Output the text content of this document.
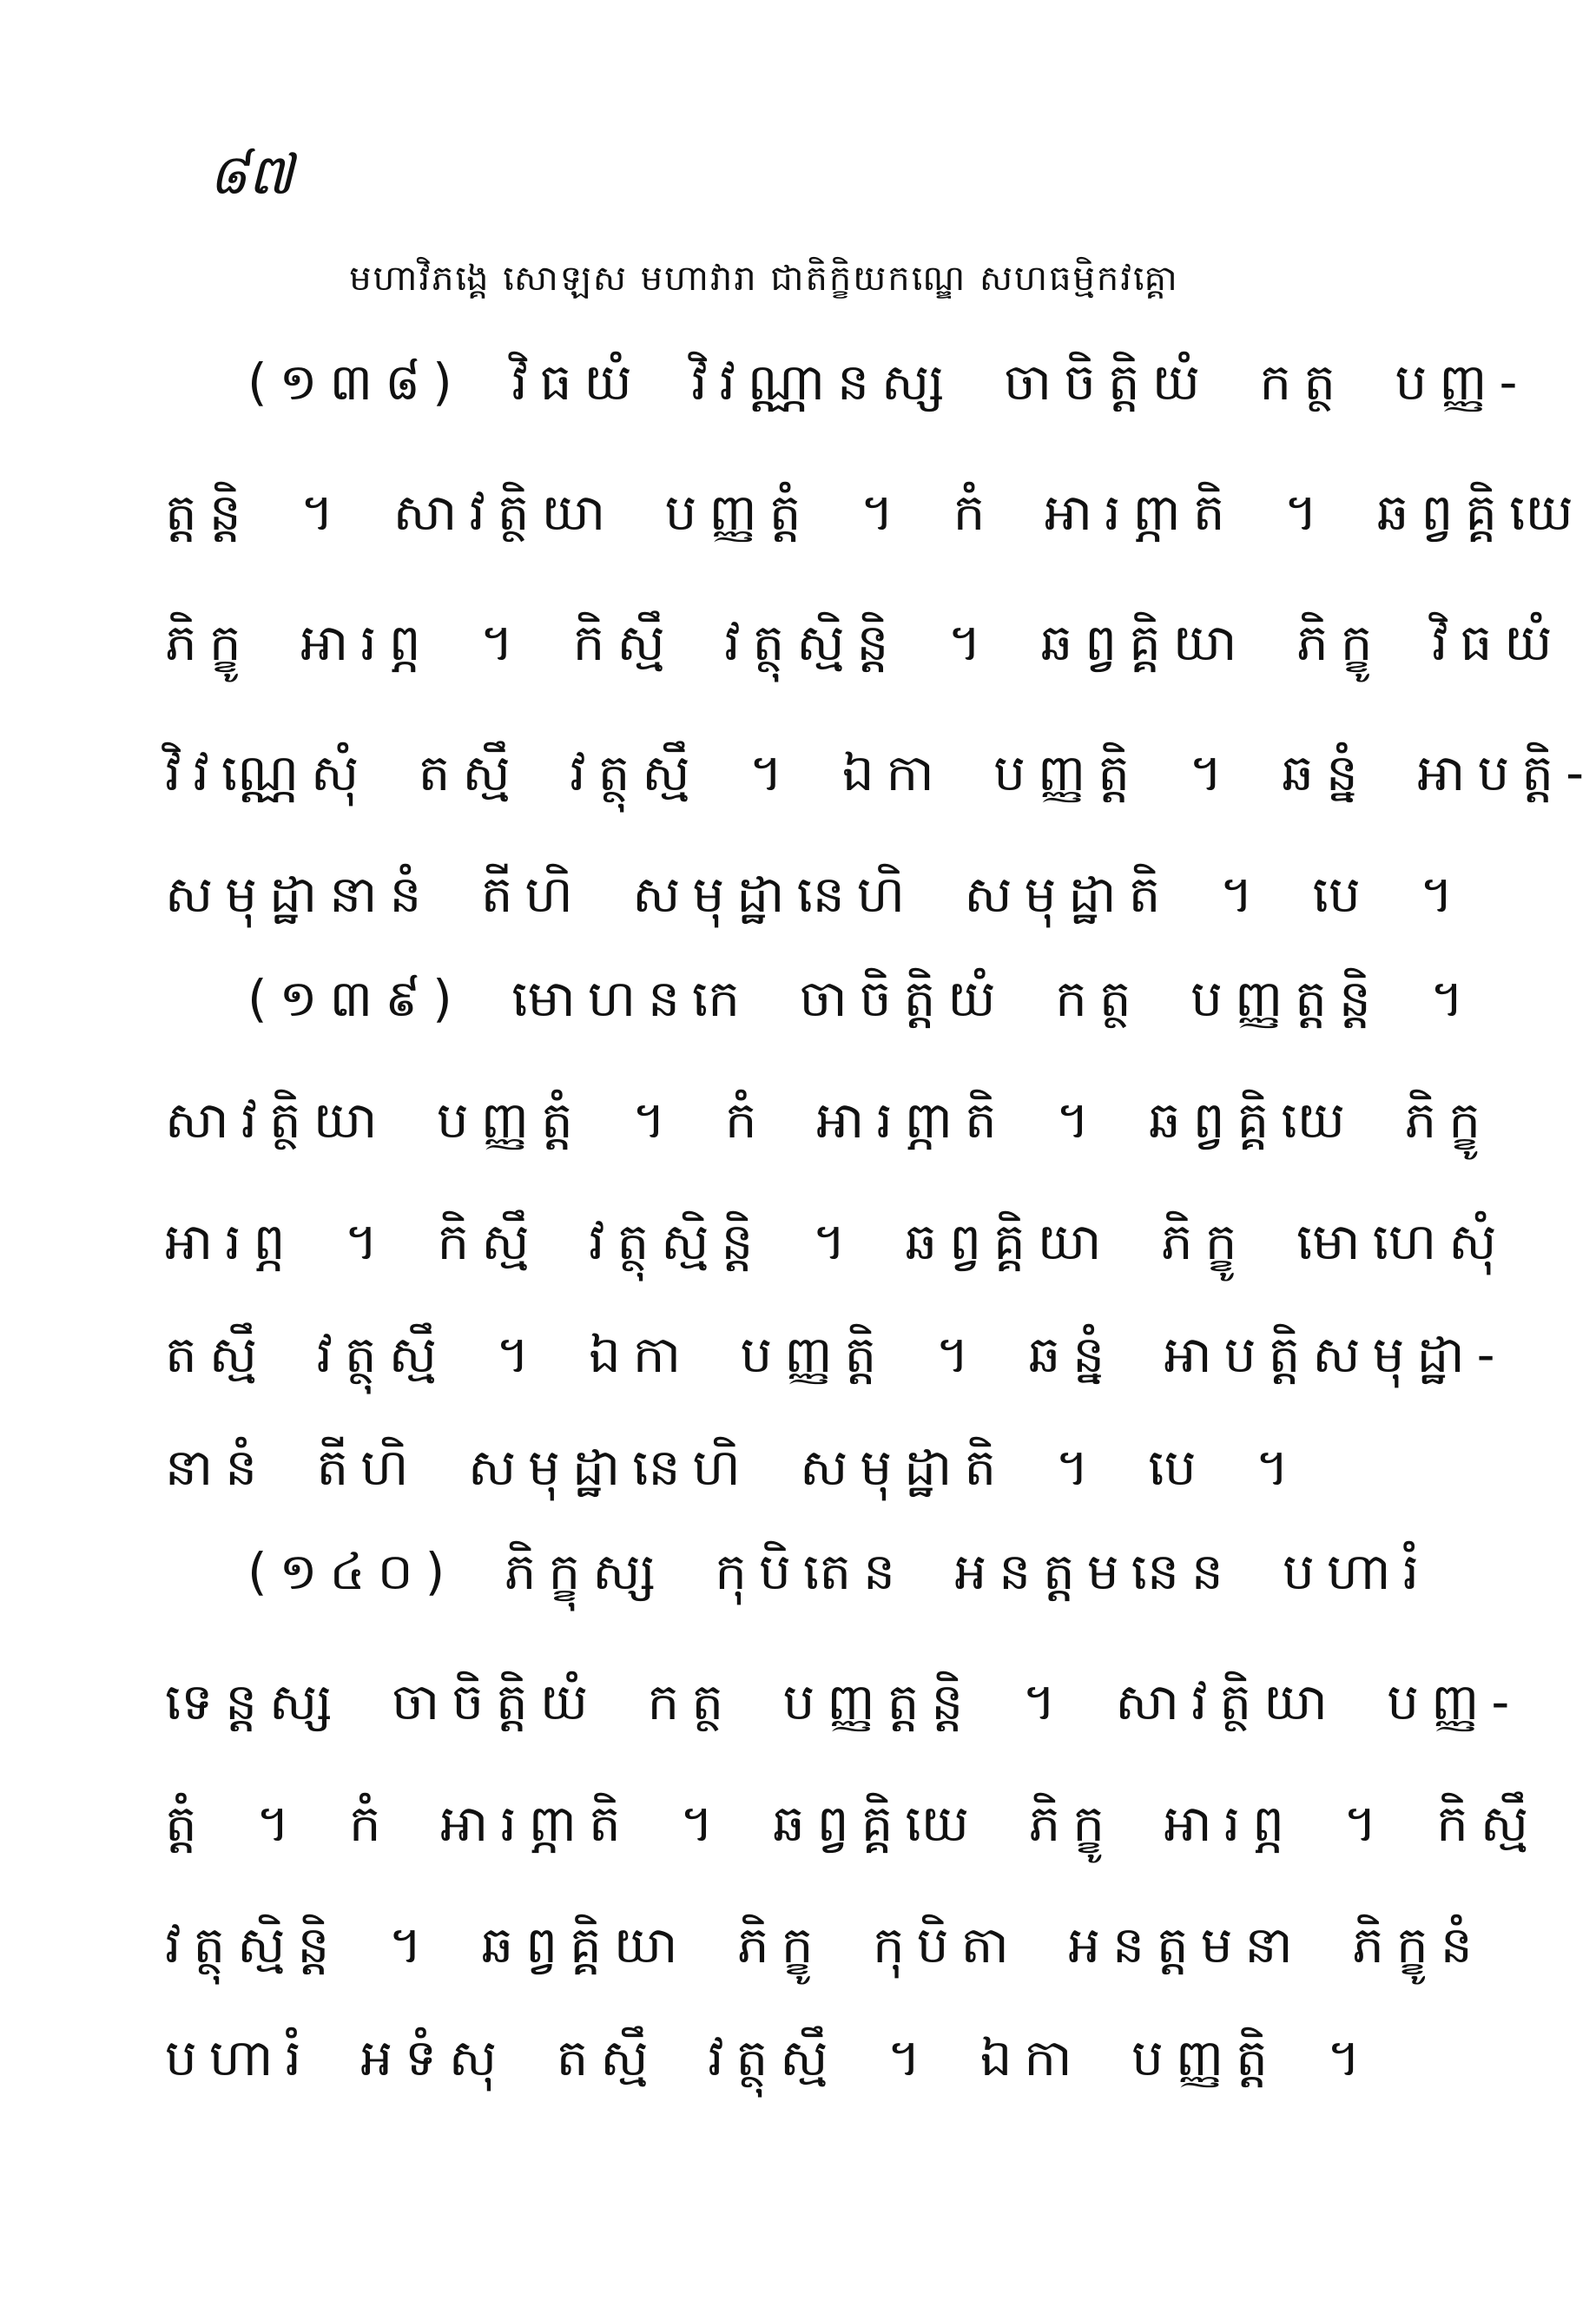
៨៧
មហាវិភង្គេ សោឡស មហាវារា ជាតិក្ខិយកណ្ឌេ សហធម្មិកវគ្គោ
(១៣៨) វិធយំ វិវណ្ណានស្ស ចាចិត្តិយំ កត្ថ បញ្ញ-
ត្តន្តិ ។ សាវត្ថិយា បញ្ញត្តំ ។ កំ អារព្ភាតិ ។ ឆព្វគ្គិយេ
ភិក្ខូ អារព្ភ ។ កិស្មឹ វត្ថុស្មិន្តិ ។ ឆព្វគ្គិយា ភិក្ខូ វិធយំ
វិវណ្ណេសុំ តស្មឹ វត្ថុស្មឹ ។ ឯកា បញ្ញត្តិ ។ ឆន្នំ អាបត្តិ-
សមុដ្ឋានានំ តីហិ សមុដ្ឋានេហិ សមុដ្ឋាតិ ។ បេ ។
(១៣៩) មោហនកេ ចាចិត្តិយំ កត្ថ បញ្ញត្តន្តិ ។
សាវត្ថិយា បញ្ញត្តំ ។ កំ អារព្ភាតិ ។ ឆព្វគ្គិយេ ភិក្ខូ
អារព្ភ ។ កិស្មឹ វត្ថុស្មិន្តិ ។ ឆព្វគ្គិយា ភិក្ខូ មោហេសុំ
តស្មឹ វត្ថុស្មឹ ។ ឯកា បញ្ញត្តិ ។ ឆន្នំ អាបត្តិសមុដ្ឋា-
នានំ តីហិ សមុដ្ឋានេហិ សមុដ្ឋាតិ ។ បេ ។
(១៤០) ភិក្ខុស្ស កុបិតេន អនត្តមនេន បហារំ
ទេន្តស្ស ចាចិត្តិយំ កត្ថ បញ្ញត្តន្តិ ។ សាវត្ថិយា បញ្ញ-
ត្តំ ។ កំ អារព្ភាតិ ។ ឆព្វគ្គិយេ ភិក្ខូ អារព្ភ ។ កិស្មឹ
វត្ថុស្មិន្តិ ។ ឆព្វគ្គិយា ភិក្ខូ កុបិតា អនត្តមនា ភិក្ខូនំ
បហារំ អទំសុ តស្មឹ វត្ថុស្មឹ ។ ឯកា បញ្ញត្តិ ។
